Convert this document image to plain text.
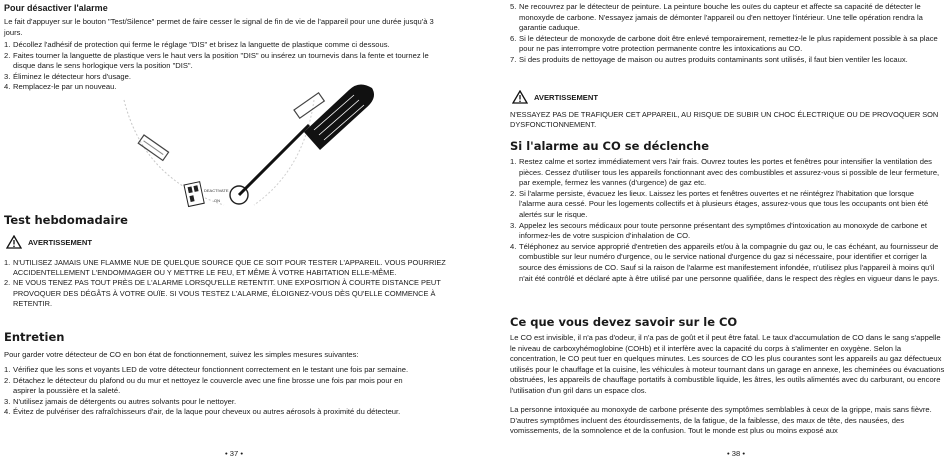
Pour désactiver l'alarme
Le fait d'appuyer sur le bouton "Test/Silence" permet de faire cesser le signal de fin de vie de l'appareil pour une durée jusqu'à 3 jours.
1. Décollez l'adhésif de protection qui ferme le réglage "DIS" et brisez la languette de plastique comme ci dessous.
2. Faites tourner la languette de plastique vers le haut vers la position "DIS" ou insérez un tournevis dans la fente et tournez le disque dans le sens horlogique vers la position "DIS".
3. Éliminez le détecteur hors d'usage.
4. Remplacez-le par un nouveau.
DEACTIVATE
ON
Test hebdomadaire
AVERTISSEMENT
1. N'UTILISEZ JAMAIS UNE FLAMME NUE DE QUELQUE SOURCE QUE CE SOIT POUR TESTER L'APPAREIL. VOUS POURRIEZ ACCIDENTELLEMENT L'ENDOMMAGER OU Y METTRE LE FEU, ET MÊME À VOTRE HABITATION ELLE-MÊME.
2. NE VOUS TENEZ PAS TOUT PRÈS DE L'ALARME LORSQU'ELLE RETENTIT. UNE EXPOSITION À COURTE DISTANCE PEUT PROVOQUER DES DÉGÂTS À VOTRE OUÏE. SI VOUS TESTEZ L'ALARME, ÉLOIGNEZ-VOUS DÈS QU'ELLE COMMENCE À RETENTIR.
Entretien
Pour garder votre détecteur de CO en bon état de fonctionnement, suivez les simples mesures suivantes:
1. Vérifiez que les sons et voyants LED de votre détecteur fonctionnent correctement en le testant une fois par semaine.
2. Détachez le détecteur du plafond ou du mur et nettoyez le couvercle avec une fine brosse une fois par mois pour en aspirer la poussière et la saleté.
3. N'utilisez jamais de détergents ou autres solvants pour le nettoyer.
4. Évitez de pulvériser des rafraîchisseurs d'air, de la laque pour cheveux ou autres aérosols à proximité du détecteur.
• 37 •
5. Ne recouvrez par le détecteur de peinture. La peinture bouche les ouïes du capteur et affecte sa capacité de détecter le monoxyde de carbone. N'essayez jamais de démonter l'appareil ou d'en nettoyer l'intérieur. Une telle opération rendra la garantie caduque.
6. Si le détecteur de monoxyde de carbone doit être enlevé temporairement, remettez-le le plus rapidement possible à sa place pour ne pas interrompre votre protection permanente contre les intoxications au CO.
7. Si des produits de nettoyage de maison ou autres produits contaminants sont utilisés, il faut bien ventiler les locaux.
AVERTISSEMENT
N'ESSAYEZ PAS DE TRAFIQUER CET APPAREIL, AU RISQUE DE SUBIR UN CHOC ÉLECTRIQUE OU DE PROVOQUER SON DYSFONCTIONNEMENT.
Si l'alarme au CO se déclenche
1. Restez calme et sortez immédiatement vers l'air frais. Ouvrez toutes les portes et fenêtres pour intensifier la ventilation des pièces. Cessez d'utiliser tous les appareils fonctionnant avec des combustibles et assurez-vous si possible de leur fermeture, par exemple, fermez les vannes (d'urgence) de gaz etc.
2. Si l'alarme persiste, évacuez les lieux. Laissez les portes et fenêtres ouvertes et ne réintégrez l'habitation que lorsque l'alarme aura cessé. Pour les logements collectifs et à plusieurs étages, assurez-vous que tous les occupants ont bien été alertés sur le risque.
3. Appelez les secours médicaux pour toute personne présentant des symptômes d'intoxication au monoxyde de carbone et informez-les de votre suspicion d'inhalation de CO.
4. Téléphonez au service approprié d'entretien des appareils et/ou à la compagnie du gaz ou, le cas échéant, au fournisseur de combustible sur leur numéro d'urgence, ou le service national d'urgence du gaz si nécessaire, pour identifier et corriger la source des émissions de CO. Sauf si la raison de l'alarme est manifestement infondée, n'utilisez plus l'appareil à moins qu'il n'ait été contrôlé et déclaré apte à être utilisé par une personne qualifiée, dans le respect des règles en vigueur dans le pays.
Ce que vous devez savoir sur le CO
Le CO est invisible, il n'a pas d'odeur, il n'a pas de goût et il peut être fatal. Le taux d'accumulation de CO dans le sang s'appelle le niveau de carboxyhémoglobine (COHb) et il interfère avec la capacité du corps à s'alimenter en oxygène. Selon la concentration, le CO peut tuer en quelques minutes. Les sources de CO les plus courantes sont les appareils au gaz défectueux utilisés pour le chauffage et la cuisine, les véhicules à moteur tournant dans un garage en annexe, les cheminées ou évacuations obstruées, les appareils de chauffage portatifs à combustible liquide, les âtres, les outils alimentés avec du carburant, ou encore l'utilisation d'un gril dans un espace clos.
La personne intoxiquée au monoxyde de carbone présente des symptômes semblables à ceux de la grippe, mais sans fièvre. D'autres symptômes incluent des étourdissements, de la fatigue, de la faiblesse, des maux de tête, des nausées, des vomissements, de la somnolence et de la confusion. Tout le monde est plus ou moins exposé aux
• 38 •
